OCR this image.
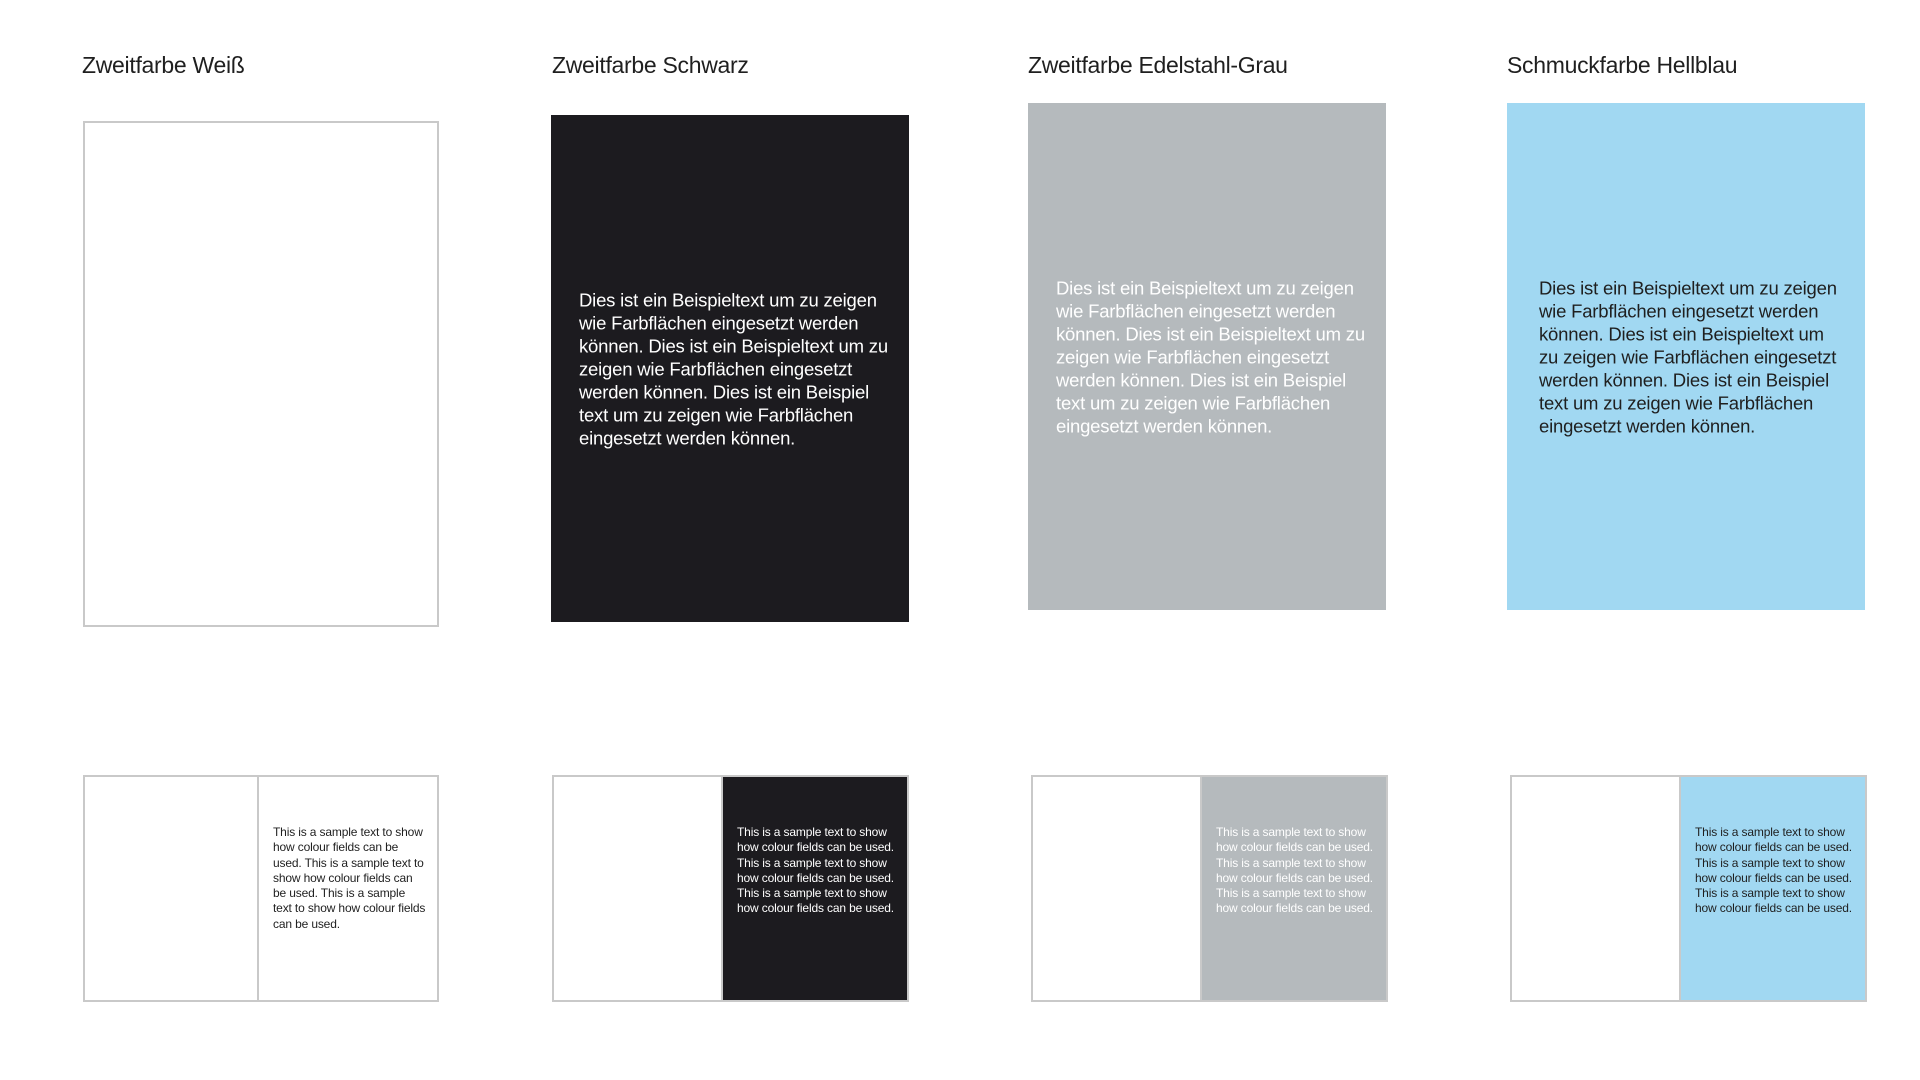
Zweitfarbe Weiß	Zweitfarbe Schwarz	Zweitfarbe Edelstahl-Grau	Schmuckfarbe Hellblau

Dies ist ein Beispieltext um zu zeigen wie Farbflächen eingesetzt werden können. Dies ist ein Beispieltext um zu zeigen wie Farbflächen eingesetzt werden können. Dies ist ein Beispiel text um zu zeigen wie Farbflächen eingesetzt werden können.

Dies ist ein Beispieltext um zu zeigen wie Farbflächen eingesetzt werden können. Dies ist ein Beispieltext um zu zeigen wie Farbflächen eingesetzt werden können. Dies ist ein Beispiel text um zu zeigen wie Farbflächen eingesetzt werden können.

Dies ist ein Beispieltext um zu zeigen wie Farbflächen eingesetzt werden können. Dies ist ein Beispieltext um zu zeigen wie Farbflächen eingesetzt werden können. Dies ist ein Beispiel text um zu zeigen wie Farbflächen eingesetzt werden können.

This is a sample text to show how colour fields can be used. This is a sample text to show how colour fields can be used. This is a sample text to show how colour fields can be used.

This is a sample text to show how colour fields can be used. This is a sample text to show how colour fields can be used. This is a sample text to show how colour fields can be used.

This is a sample text to show how colour fields can be used. This is a sample text to show how colour fields can be used. This is a sample text to show how colour fields can be used.

This is a sample text to show how colour fields can be used. This is a sample text to show how colour fields can be used. This is a sample text to show how colour fields can be used.
